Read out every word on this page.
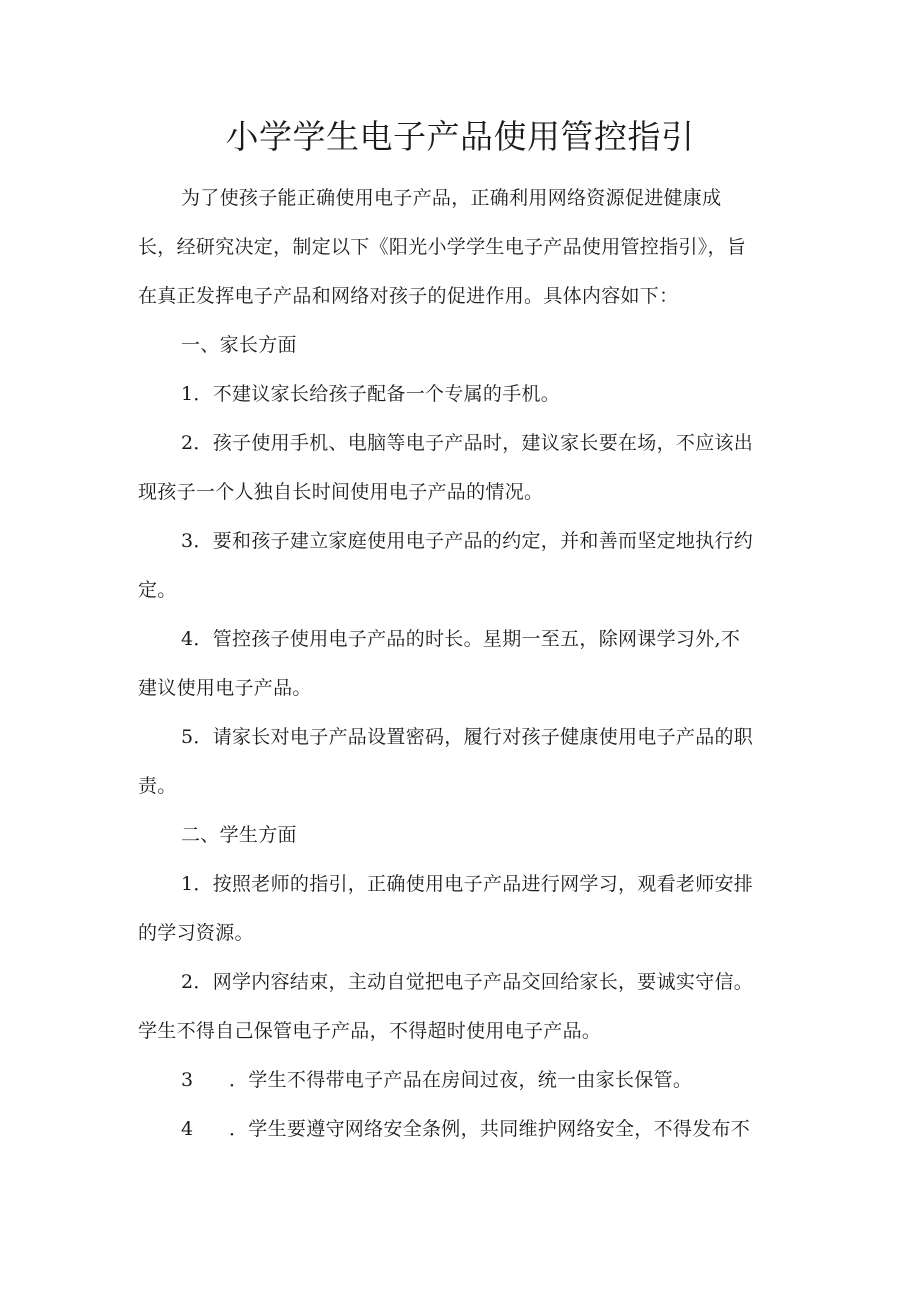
小学学生电子产品使用管控指引
为了使孩子能正确使用电子产品，正确利用网络资源促进健康成
长，经研究决定，制定以下《阳光小学学生电子产品使用管控指引》，旨
在真正发挥电子产品和网络对孩子的促进作用。具体内容如下：
一、家长方面
1．不建议家长给孩子配备一个专属的手机。
2．孩子使用手机、电脑等电子产品时，建议家长要在场，不应该出
现孩子一个人独自长时间使用电子产品的情况。
3．要和孩子建立家庭使用电子产品的约定，并和善而坚定地执行约
定。
4．管控孩子使用电子产品的时长。星期一至五，除网课学习外,不
建议使用电子产品。
5．请家长对电子产品设置密码，履行对孩子健康使用电子产品的职
责。
二、学生方面
1．按照老师的指引，正确使用电子产品进行网学习，观看老师安排
的学习资源。
2．网学内容结束，主动自觉把电子产品交回给家长，要诚实守信。
学生不得自己保管电子产品，不得超时使用电子产品。
3 ．学生不得带电子产品在房间过夜，统一由家长保管。
4 ．学生要遵守网络安全条例，共同维护网络安全，不得发布不
